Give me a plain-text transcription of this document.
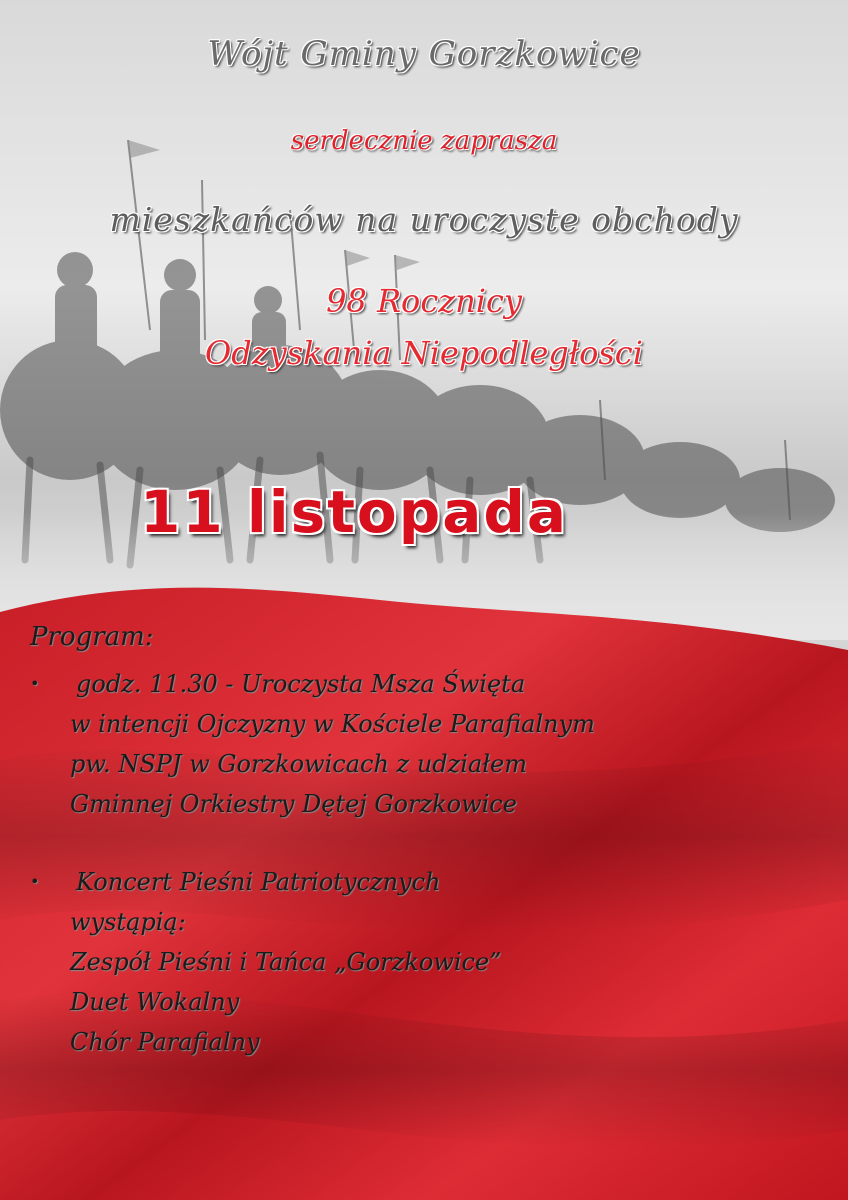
Wójt Gminy Gorzkowice
serdecznie zaprasza
mieszkańców na uroczyste obchody
98 Rocznicy
Odzyskania Niepodległości
11 listopada
Program:
• godz. 11.30 - Uroczysta Msza Święta
w intencji Ojczyzny w Kościele Parafialnym
pw. NSPJ w Gorzkowicach z udziałem
Gminnej Orkiestry Dętej Gorzkowice
• Koncert Pieśni Patriotycznych
wystąpią:
Zespół Pieśni i Tańca „Gorzkowice”
Duet Wokalny
Chór Parafialny
